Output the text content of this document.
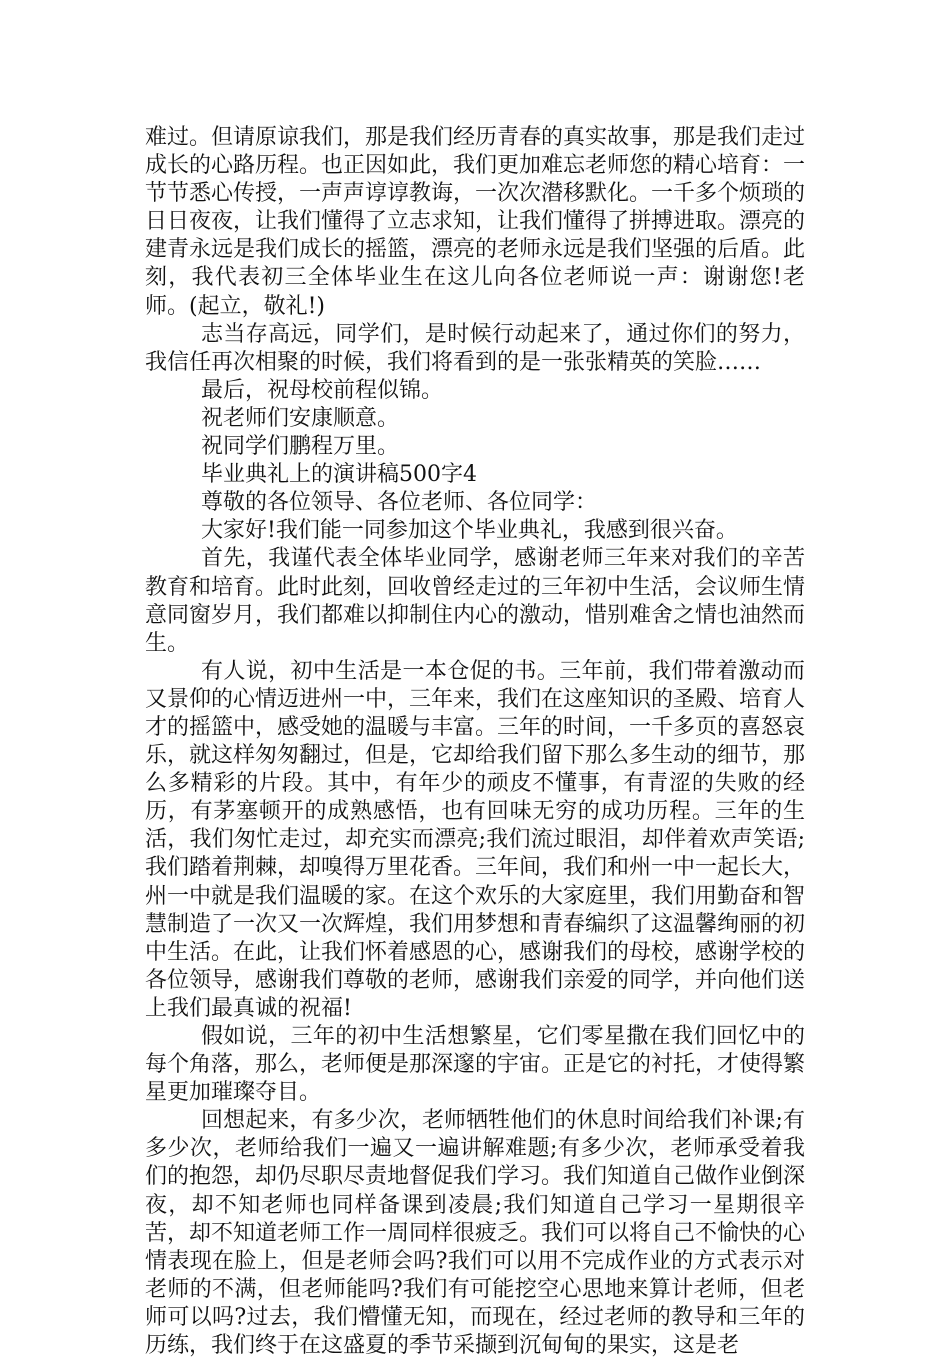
难过。但请原谅我们，那是我们经历青春的真实故事，那是我们走过成长的心路历程。也正因如此，我们更加难忘老师您的精心培育：一节节悉心传授，一声声谆谆教诲，一次次潜移默化。一千多个烦琐的日日夜夜，让我们懂得了立志求知，让我们懂得了拼搏进取。漂亮的建青永远是我们成长的摇篮，漂亮的老师永远是我们坚强的后盾。此刻，我代表初三全体毕业生在这儿向各位老师说一声：谢谢您!老师。(起立，敬礼!)

志当存高远，同学们，是时候行动起来了，通过你们的努力，我信任再次相聚的时候，我们将看到的是一张张精英的笑脸……

最后，祝母校前程似锦。

祝老师们安康顺意。

祝同学们鹏程万里。

毕业典礼上的演讲稿500字4

尊敬的各位领导、各位老师、各位同学：

大家好!我们能一同参加这个毕业典礼，我感到很兴奋。

首先，我谨代表全体毕业同学，感谢老师三年来对我们的辛苦教育和培育。此时此刻，回收曾经走过的三年初中生活，会议师生情意同窗岁月，我们都难以抑制住内心的激动，惜别难舍之情也油然而生。

有人说，初中生活是一本仓促的书。三年前，我们带着激动而又景仰的心情迈进州一中，三年来，我们在这座知识的圣殿、培育人才的摇篮中，感受她的温暖与丰富。三年的时间，一千多页的喜怒哀乐，就这样匆匆翻过，但是，它却给我们留下那么多生动的细节，那么多精彩的片段。其中，有年少的顽皮不懂事，有青涩的失败的经历，有茅塞顿开的成熟感悟，也有回味无穷的成功历程。三年的生活，我们匆忙走过，却充实而漂亮;我们流过眼泪，却伴着欢声笑语;我们踏着荆棘，却嗅得万里花香。三年间，我们和州一中一起长大，州一中就是我们温暖的家。在这个欢乐的大家庭里，我们用勤奋和智慧制造了一次又一次辉煌，我们用梦想和青春编织了这温馨绚丽的初中生活。在此，让我们怀着感恩的心，感谢我们的母校，感谢学校的各位领导，感谢我们尊敬的老师，感谢我们亲爱的同学，并向他们送上我们最真诚的祝福!

假如说，三年的初中生活想繁星，它们零星撒在我们回忆中的每个角落，那么，老师便是那深邃的宇宙。正是它的衬托，才使得繁星更加璀璨夺目。

回想起来，有多少次，老师牺牲他们的休息时间给我们补课;有多少次，老师给我们一遍又一遍讲解难题;有多少次，老师承受着我们的抱怨，却仍尽职尽责地督促我们学习。我们知道自己做作业倒深夜，却不知老师也同样备课到凌晨;我们知道自己学习一星期很辛苦，却不知道老师工作一周同样很疲乏。我们可以将自己不愉快的心情表现在脸上，但是老师会吗?我们可以用不完成作业的方式表示对老师的不满，但老师能吗?我们有可能挖空心思地来算计老师，但老师可以吗?过去，我们懵懂无知，而现在，经过老师的教导和三年的历练，我们终于在这盛夏的季节采撷到沉甸甸的果实，这是老
